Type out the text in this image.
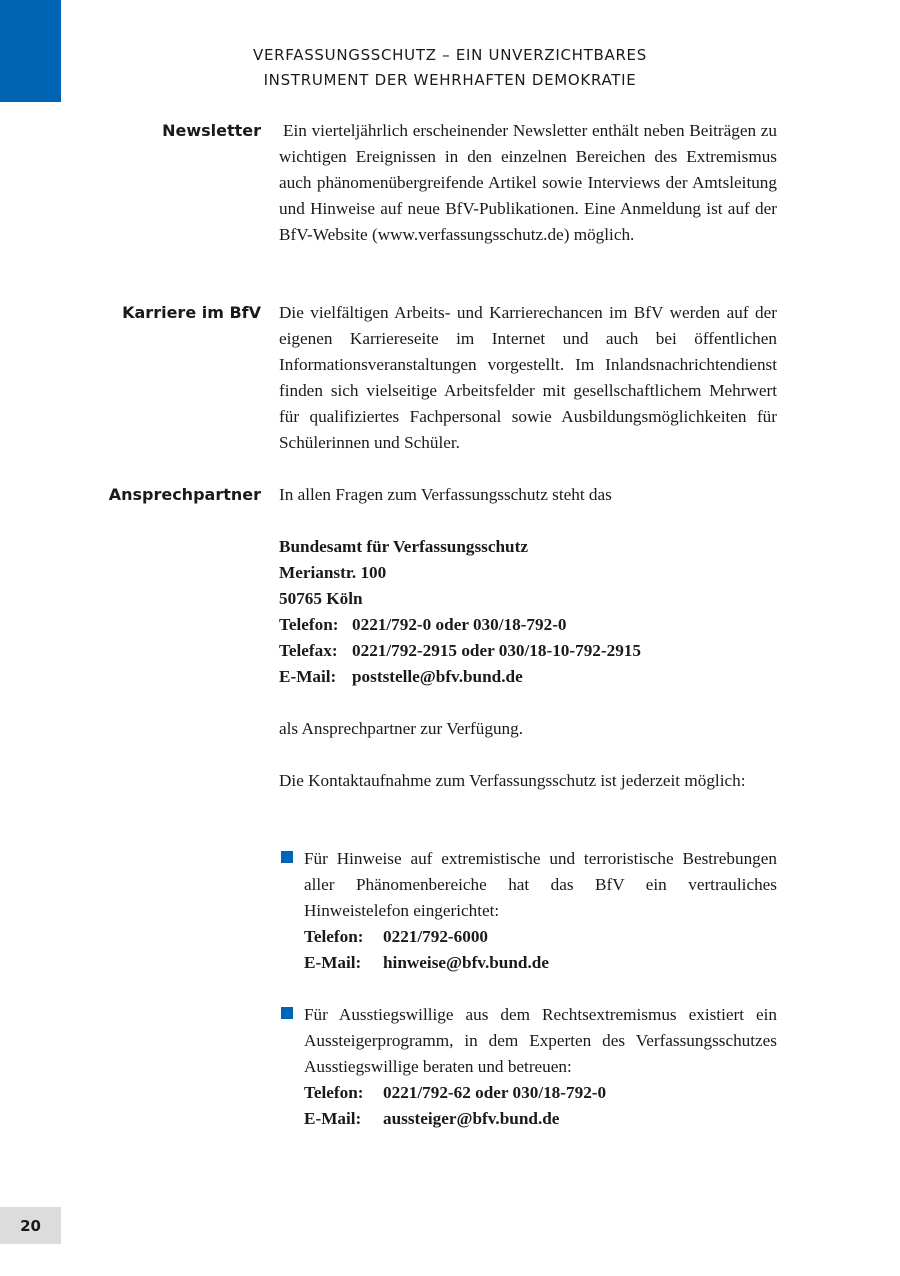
VERFASSUNGSSCHUTZ – EIN UNVERZICHTBARES
INSTRUMENT DER WEHRHAFTEN DEMOKRATIE
Newsletter Ein vierteljährlich erscheinender Newsletter enthält neben Beiträgen zu wichtigen Ereignissen in den einzelnen Bereichen des Extremismus auch phänomenübergreifende Artikel sowie Interviews der Amtsleitung und Hinweise auf neue BfV-Publikationen. Eine Anmeldung ist auf der BfV-Website (www.verfassungsschutz.de) möglich.

Karriere im BfV Die vielfältigen Arbeits- und Karrierechancen im BfV werden auf der eigenen Karriereseite im Internet und auch bei öffentlichen Informationsveranstaltungen vorgestellt. Im Inlandsnachrichtendienst finden sich vielseitige Arbeitsfelder mit gesellschaftlichem Mehrwert für qualifiziertes Fachpersonal sowie Ausbildungsmöglichkeiten für Schülerinnen und Schüler.

Ansprechpartner In allen Fragen zum Verfassungsschutz steht das
Bundesamt für Verfassungsschutz
Merianstr. 100
50765 Köln
Telefon: 0221/792-0 oder 030/18-792-0
Telefax: 0221/792-2915 oder 030/18-10-792-2915
E-Mail: poststelle@bfv.bund.de
als Ansprechpartner zur Verfügung.

Die Kontaktaufnahme zum Verfassungsschutz ist jederzeit möglich:

Für Hinweise auf extremistische und terroristische Bestrebungen aller Phänomenbereiche hat das BfV ein vertrauliches Hinweistelefon eingerichtet:
Telefon: 0221/792-6000
E-Mail: hinweise@bfv.bund.de
Für Ausstiegswillige aus dem Rechtsextremismus existiert ein Aussteigerprogramm, in dem Experten des Verfassungsschutzes Ausstiegswillige beraten und betreuen:
Telefon: 0221/792-62 oder 030/18-792-0
E-Mail: aussteiger@bfv.bund.de
20
